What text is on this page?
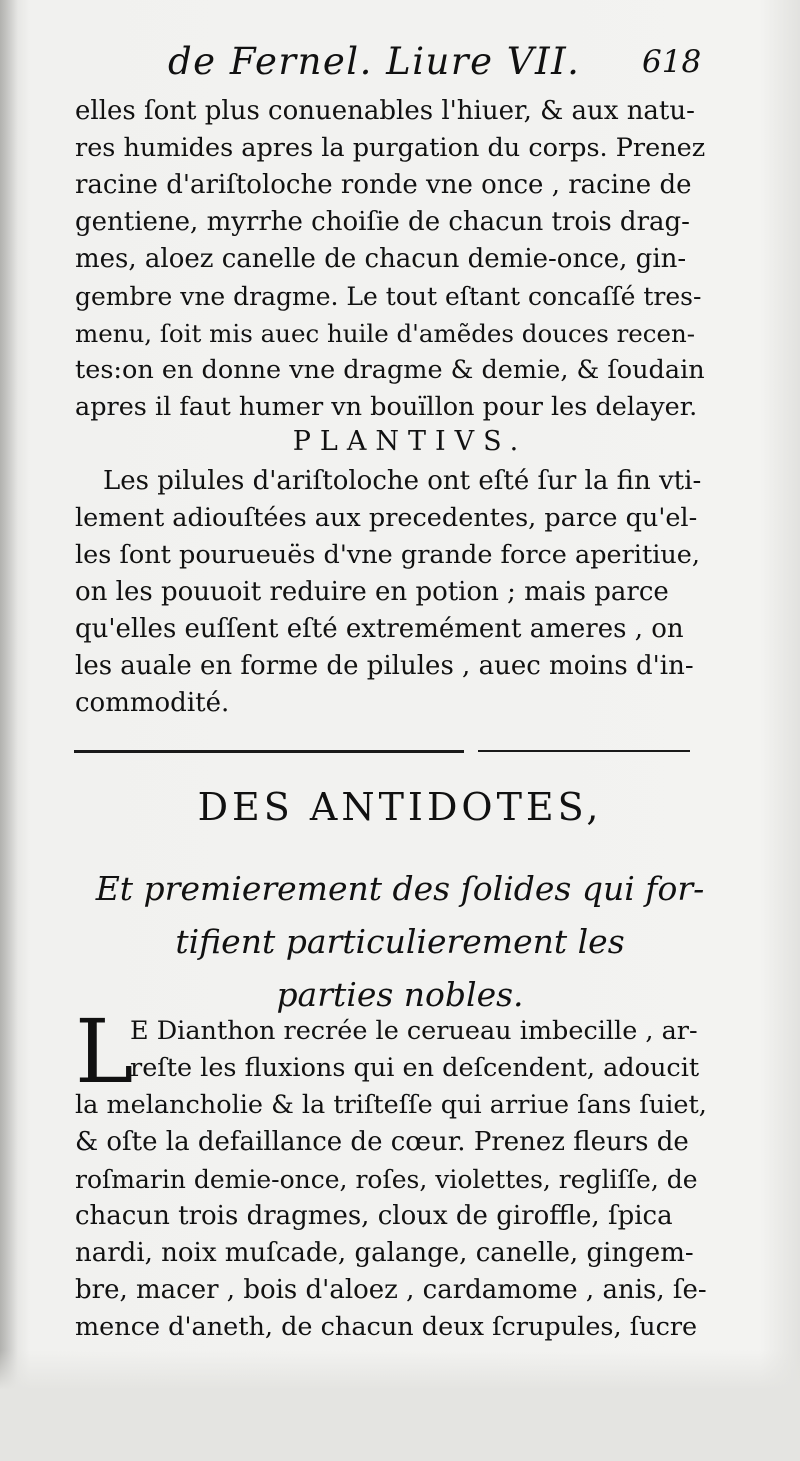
de Fernel. Liure VII. 618
elles ſont plus conuenables l'hiuer, & aux natu-
res humides apres la purgation du corps. Prenez
racine d'ariſtoloche ronde vne once , racine de
gentiene, myrrhe choiſie de chacun trois drag-
mes, aloez canelle de chacun demie-once, gin-
gembre vne dragme. Le tout eſtant concaſſé tres-
menu, ſoit mis auec huile d'amẽdes douces recen-
tes:on en donne vne dragme & demie, & ſoudain
apres il faut humer vn bouïllon pour les delayer.
PLANTIVS.
Les pilules d'ariſtoloche ont eſté ſur la fin vti-
lement adiouſtées aux precedentes, parce qu'el-
les ſont pourueuës d'vne grande force aperitiue,
on les pouuoit reduire en potion ; mais parce
qu'elles euſſent eſté extremément ameres , on
les auale en forme de pilules , auec moins d'in-
commodité.
DES ANTIDOTES,
Et premierement des ſolides qui for-
tifient particulierement les
parties nobles.
L
E Dianthon recrée le cerueau imbecille , ar-
reſte les fluxions qui en deſcendent, adoucit
la melancholie & la triſteſſe qui arriue ſans ſuiet,
& oſte la defaillance de cœur. Prenez fleurs de
roſmarin demie-once, roſes, violettes, regliſſe, de
chacun trois dragmes, cloux de giroffle, ſpica
nardi, noix muſcade, galange, canelle, gingem-
bre, macer , bois d'aloez , cardamome , anis, ſe-
mence d'aneth, de chacun deux ſcrupules, ſucre
